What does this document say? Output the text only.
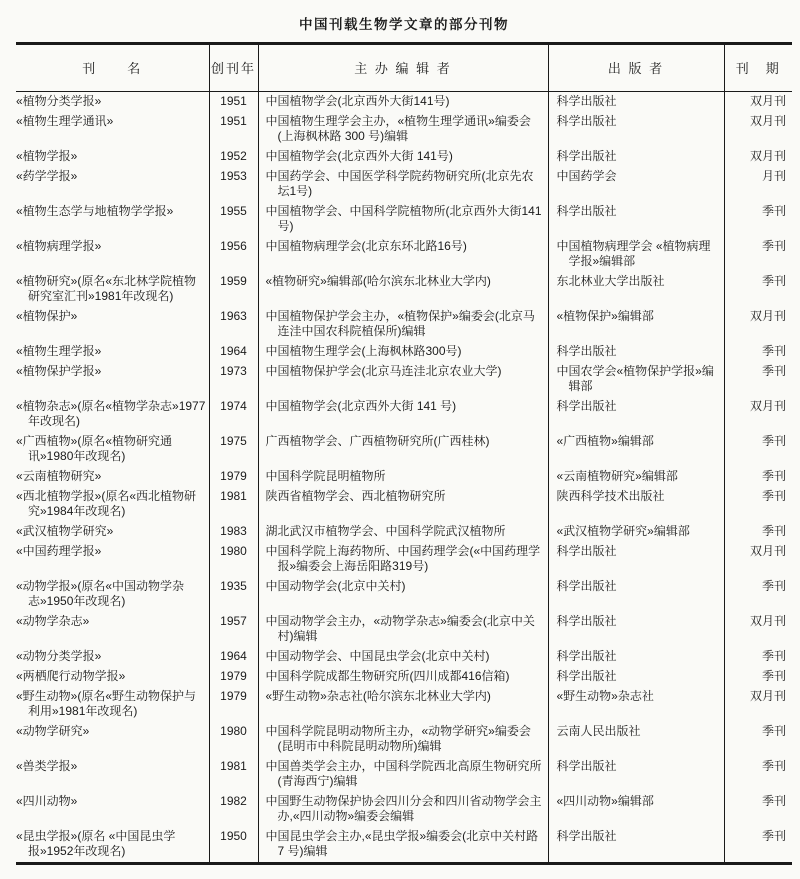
中国刊载生物学文章的部分刊物
刊　　名	创刊年	主 办 编 辑 者	出 版 者	刊　期

«植物分类学报»	1951	中国植物学会(北京西外大街141号)	科学出版社	双月刊

«植物生理学通讯»	1951	中国植物生理学会主办，«植物生理学通讯»编委会(上海枫林路 300 号)编辑	科学出版社	双月刊

«植物学报»	1952	中国植物学会(北京西外大街 141号)	科学出版社	双月刊

«药学学报»	1953	中国药学会、中国医学科学院药物研究所(北京先农坛1号)	中国药学会	月刊

«植物生态学与地植物学学报»	1955	中国植物学会、中国科学院植物所(北京西外大街141号)	科学出版社	季刊

«植物病理学报»	1956	中国植物病理学会(北京东环北路16号)	中国植物病理学会 «植物病理学报»编辑部	季刊

«植物研究»(原名«东北林学院植物研究室汇刊»1981年改现名)	1959	«植物研究»编辑部(哈尔滨东北林业大学内)	东北林业大学出版社	季刊

«植物保护»	1963	中国植物保护学会主办，«植物保护»编委会(北京马连洼中国农科院植保所)编辑	«植物保护»编辑部	双月刊

«植物生理学报»	1964	中国植物生理学会(上海枫林路300号)	科学出版社	季刊

«植物保护学报»	1973	中国植物保护学会(北京马连洼北京农业大学)	中国农学会«植物保护学报»编辑部	季刊

«植物杂志»(原名«植物学杂志»1977年改现名)	1974	中国植物学会(北京西外大街 141 号)	科学出版社	双月刊

«广西植物»(原名«植物研究通讯»1980年改现名)	1975	广西植物学会、广西植物研究所(广西桂林)	«广西植物»编辑部	季刊

«云南植物研究»	1979	中国科学院昆明植物所	«云南植物研究»编辑部	季刊

«西北植物学报»(原名«西北植物研究»1984年改现名)	1981	陕西省植物学会、西北植物研究所	陕西科学技术出版社	季刊

«武汉植物学研究»	1983	湖北武汉市植物学会、中国科学院武汉植物所	«武汉植物学研究»编辑部	季刊

«中国药理学报»	1980	中国科学院上海药物所、中国药理学会(«中国药理学报»编委会上海岳阳路319号)	科学出版社	双月刊

«动物学报»(原名«中国动物学杂志»1950年改现名)	1935	中国动物学会(北京中关村)	科学出版社	季刊

«动物学杂志»	1957	中国动物学会主办，«动物学杂志»编委会(北京中关村)编辑	科学出版社	双月刊

«动物分类学报»	1964	中国动物学会、中国昆虫学会(北京中关村)	科学出版社	季刊

«两栖爬行动物学报»	1979	中国科学院成都生物研究所(四川成都416信箱)	科学出版社	季刊

«野生动物»(原名«野生动物保护与利用»1981年改现名)	1979	«野生动物»杂志社(哈尔滨东北林业大学内)	«野生动物»杂志社	双月刊

«动物学研究»	1980	中国科学院昆明动物所主办，«动物学研究»编委会(昆明市中科院昆明动物所)编辑	云南人民出版社	季刊

«兽类学报»	1981	中国兽类学会主办，中国科学院西北高原生物研究所(青海西宁)编辑	科学出版社	季刊

«四川动物»	1982	中国野生动物保护协会四川分会和四川省动物学会主办,«四川动物»编委会编辑	«四川动物»编辑部	季刊

«昆虫学报»(原名 «中国昆虫学报»1952年改现名)	1950	中国昆虫学会主办,«昆虫学报»编委会(北京中关村路 7 号)编辑	科学出版社	季刊
